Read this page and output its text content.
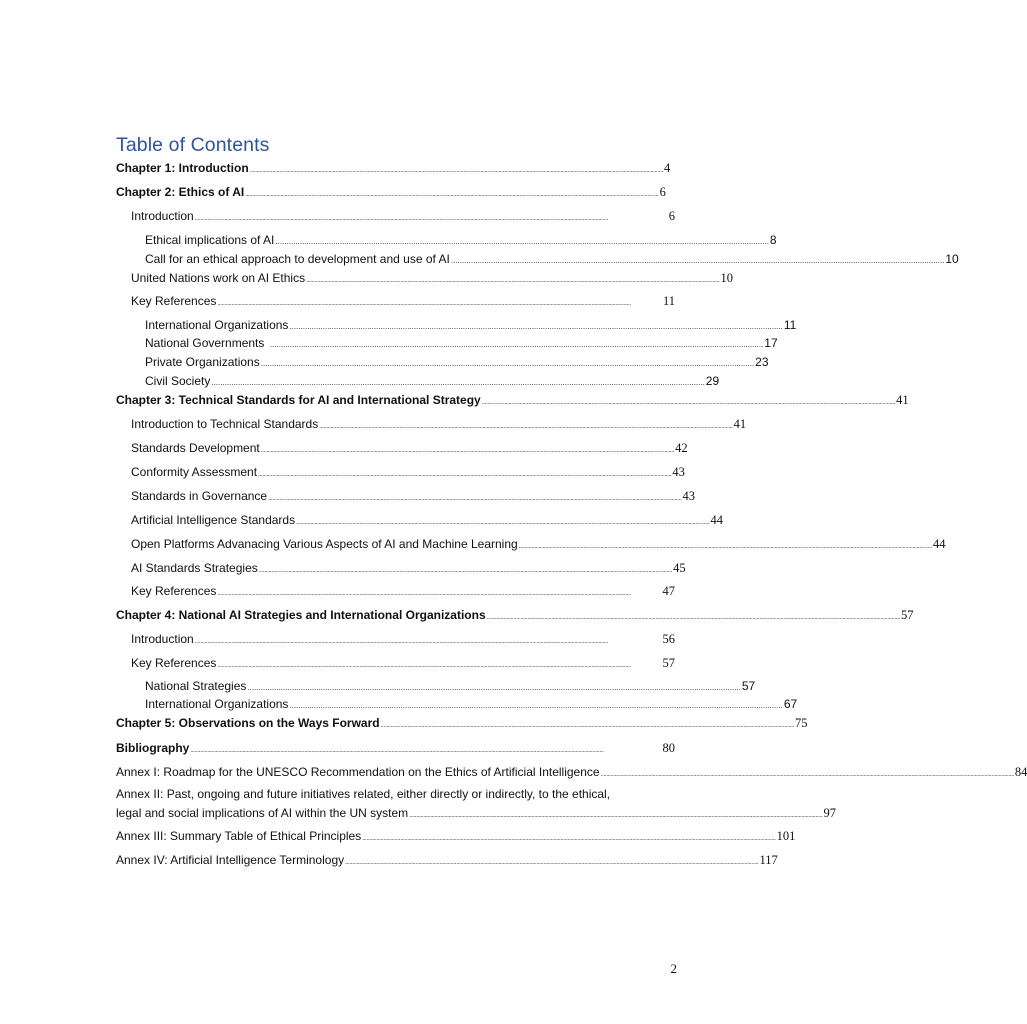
Table of Contents
Chapter 1: Introduction ...................................................................................................................................................................................................................................................................................................... 4
Chapter 2: Ethics of AI ...................................................................................................................................................................................................................................................................................................... 6
Introduction ......................................................................................................................................................................................................................................................................................................	6
Ethical implications of AI .............................................................................................................................................................................................................................. 8
Call for an ethical approach to development and use of AI .............................................................................................................................................................................................................................. 10
United Nations work on AI Ethics ...................................................................................................................................................................................................................................................................................................... 10
Key References ......................................................................................................................................................................................................................................................................................................	11
International Organizations .............................................................................................................................................................................................................................. 11
National Governments .............................................................................................................................................................................................................................. 17
Private Organizations .............................................................................................................................................................................................................................. 23
Civil Society .............................................................................................................................................................................................................................. 29
Chapter 3: Technical Standards for AI and International Strategy ...................................................................................................................................................................................................................................................................................................... 41
Introduction to Technical Standards ...................................................................................................................................................................................................................................................................................................... 41
Standards Development ...................................................................................................................................................................................................................................................................................................... 42
Conformity Assessment ...................................................................................................................................................................................................................................................................................................... 43
Standards in Governance ...................................................................................................................................................................................................................................................................................................... 43
Artificial Intelligence Standards ...................................................................................................................................................................................................................................................................................................... 44
Open Platforms Advanacing Various Aspects of AI and Machine Learning ...................................................................................................................................................................................................................................................................................................... 44
AI Standards Strategies ...................................................................................................................................................................................................................................................................................................... 45
Key References ......................................................................................................................................................................................................................................................................................................	47
Chapter 4: National AI Strategies and International Organizations ...................................................................................................................................................................................................................................................................................................... 57
Introduction ......................................................................................................................................................................................................................................................................................................	56
Key References ......................................................................................................................................................................................................................................................................................................	57
National Strategies .............................................................................................................................................................................................................................. 57
International Organizations .............................................................................................................................................................................................................................. 67
Chapter 5: Observations on the Ways Forward ...................................................................................................................................................................................................................................................................................................... 75
Bibliography ......................................................................................................................................................................................................................................................................................................	80
Annex I: Roadmap for the UNESCO Recommendation on the Ethics of Artificial Intelligence ...................................................................................................................................................................................................................................................................................................... 84
Annex II: Past, ongoing and future initiatives related, either directly or indirectly, to the ethical,
legal and social implications of AI within the UN system ...................................................................................................................................................................................................................................................................................................... 97
Annex III: Summary Table of Ethical Principles ...................................................................................................................................................................................................................................................................................................... 101
Annex IV: Artificial Intelligence Terminology ...................................................................................................................................................................................................................................................................................................... 117
2
